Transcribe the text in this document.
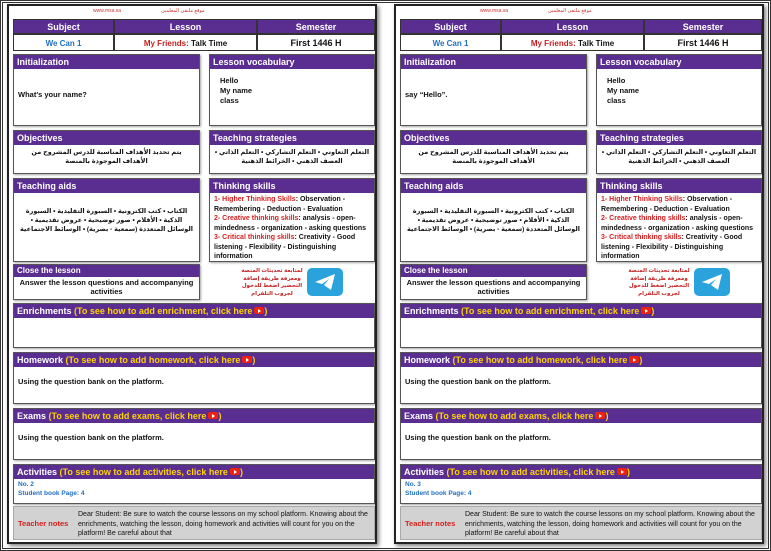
www.msa.sa	موقع ملتقى المعلمين
Subject	Lesson	Semester
We Can 1	My Friends: Talk Time	First 1446 H
Initialization
What's your name?
Lesson vocabulary
Hello
My name
class
Objectives
يتم تحديد الأهداف المناسبة للدرس المشروح من الأهداف الموجودة بالمنصة
Teaching strategies
التعلم التعاوني • التعلم التشاركي • التعلم الذاتي • العصف الذهني • الخرائط الذهنية
Teaching aids
الكتاب • كتب الكترونية • السبورة التقليدية • السبورة الذكية • الأقلام • صور توضيحية • عروض تقديمية • الوسائل المتعددة (سمعية - بصرية) • الوسائط الاجتماعية
Thinking skills
1- Higher Thinking Skills: Observation - Remembering - Deduction - Evaluation
2- Creative thinking skills: analysis - open-mindedness - organization - asking questions
3- Critical thinking skills: Creativity - Good listening - Flexibility - Distinguishing information
Close the lesson
Answer the lesson questions and accompanying activities
لمتابعة تحديثات المنصة ومعرفة طريقة إضافة التحضير اضغط للدخول لجروب التلقرام
Enrichments (To see how to add enrichment, click here )
Homework (To see how to add homework, click here )
Using the question bank on the platform.
Exams (To see how to add exams, click here )
Using the question bank on the platform.
Activities (To see how to add activities, click here )
No. 2
Student book Page: 4
Teacher notes
Dear Student: Be sure to watch the course lessons on my school platform. Knowing about the enrichments, watching the lesson, doing homework and activities will count for you on the platform! Be careful about that
www.msa.sa	موقع ملتقى المعلمين
Subject	Lesson	Semester
We Can 1	My Friends: Talk Time	First 1446 H
Initialization
say “Hello”.
Lesson vocabulary
Hello
My name
class
Objectives
يتم تحديد الأهداف المناسبة للدرس المشروح من الأهداف الموجودة بالمنصة
Teaching strategies
التعلم التعاوني • التعلم التشاركي • التعلم الذاتي • العصف الذهني • الخرائط الذهنية
Teaching aids
الكتاب • كتب الكترونية • السبورة التقليدية • السبورة الذكية • الأقلام • صور توضيحية • عروض تقديمية • الوسائل المتعددة (سمعية - بصرية) • الوسائط الاجتماعية
Thinking skills
1- Higher Thinking Skills: Observation - Remembering - Deduction - Evaluation
2- Creative thinking skills: analysis - open-mindedness - organization - asking questions
3- Critical thinking skills: Creativity - Good listening - Flexibility - Distinguishing information
Close the lesson
Answer the lesson questions and accompanying activities
لمتابعة تحديثات المنصة ومعرفة طريقة إضافة التحضير اضغط للدخول لجروب التلقرام
Enrichments (To see how to add enrichment, click here )
Homework (To see how to add homework, click here )
Using the question bank on the platform.
Exams (To see how to add exams, click here )
Using the question bank on the platform.
Activities (To see how to add activities, click here )
No. 3
Student book Page: 4
Teacher notes
Dear Student: Be sure to watch the course lessons on my school platform. Knowing about the enrichments, watching the lesson, doing homework and activities will count for you on the platform! Be careful about that
